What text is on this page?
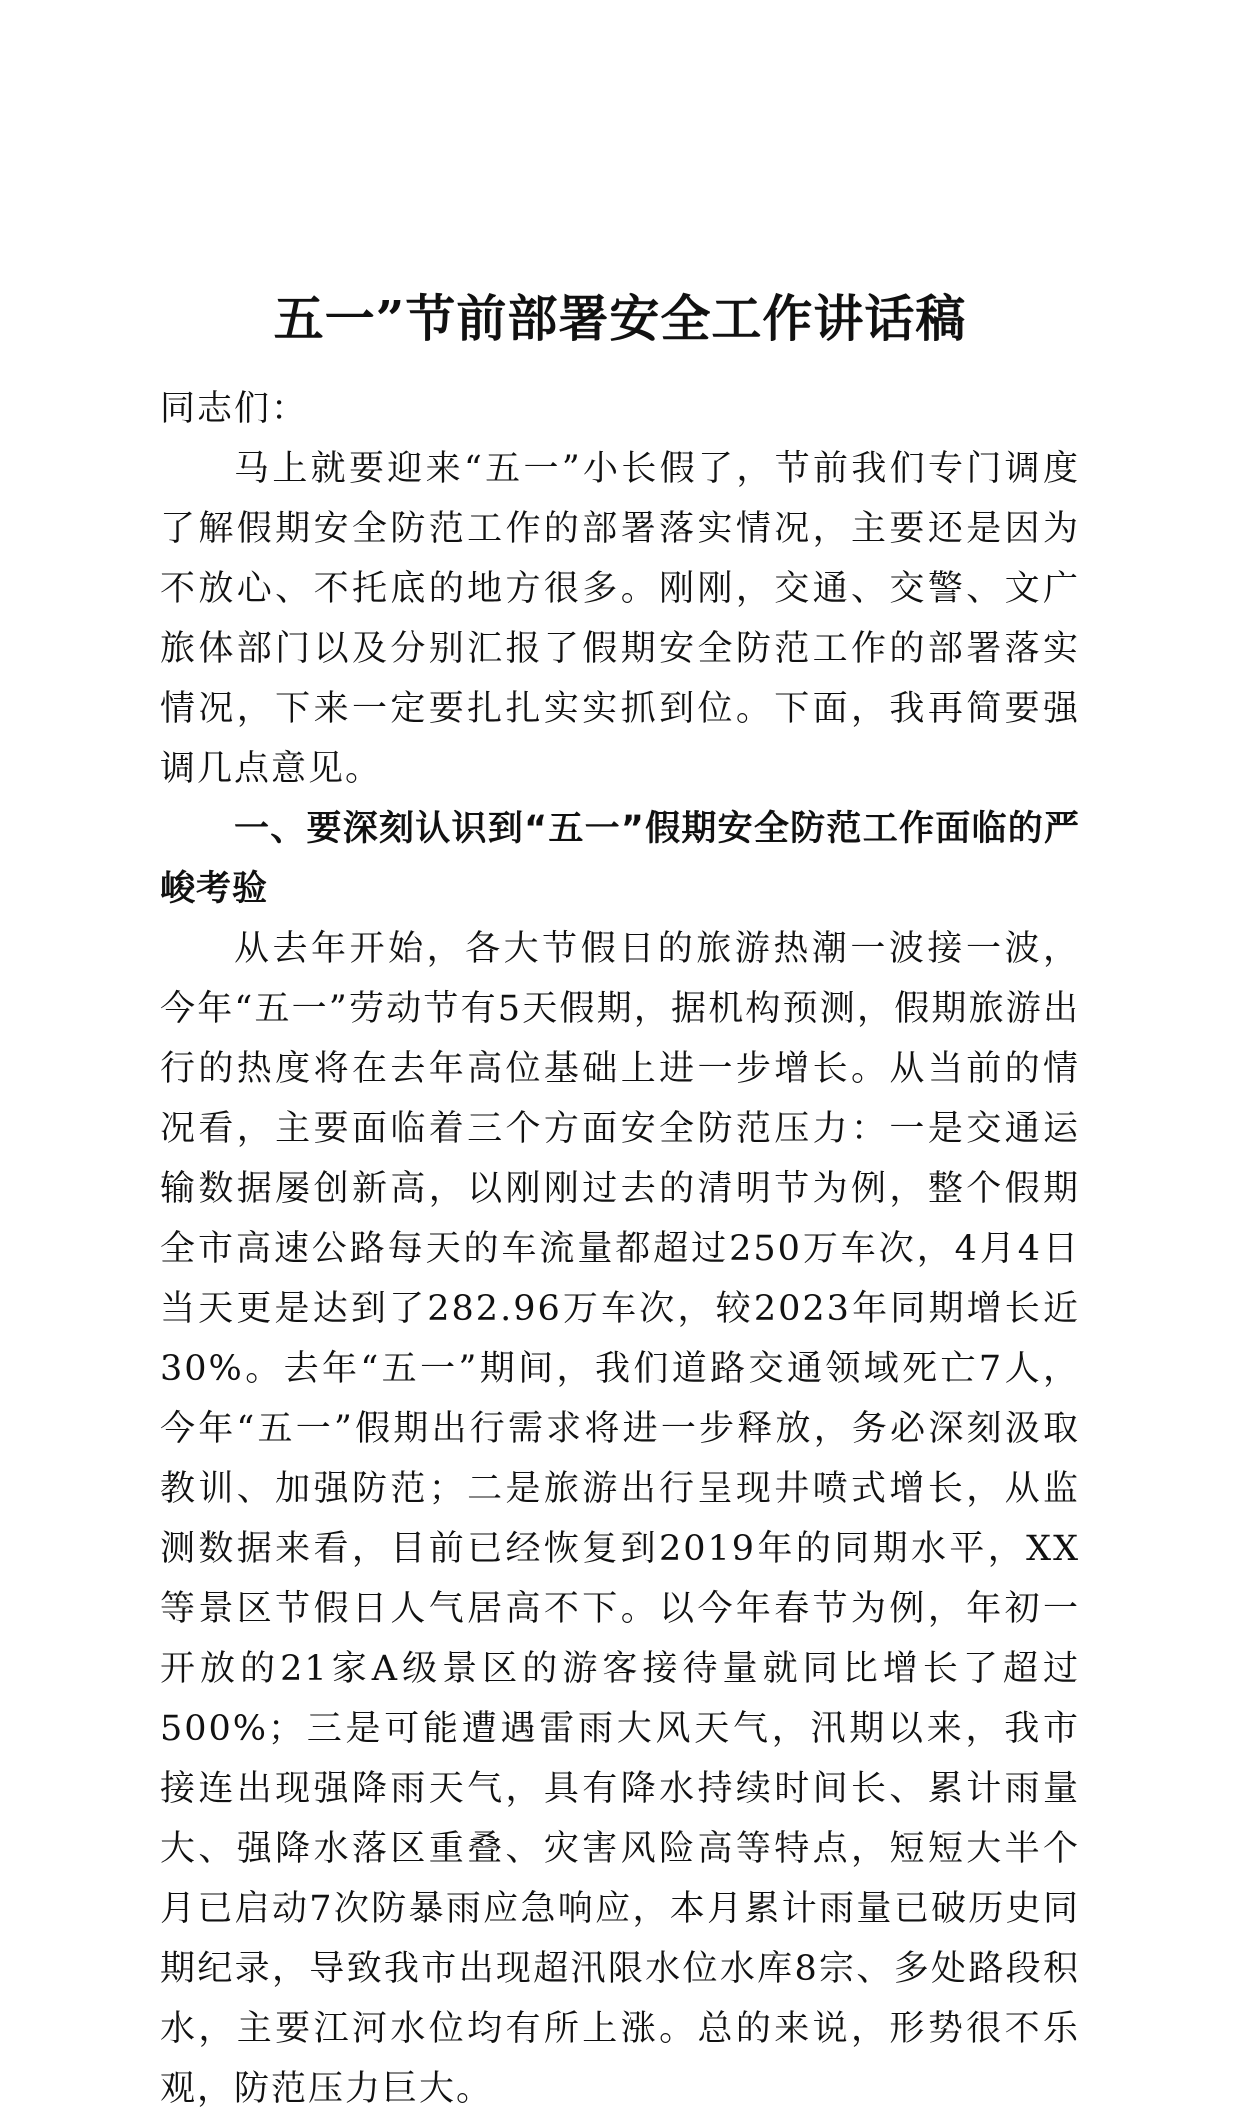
五一”节前部署安全工作讲话稿

同志们：

马上就要迎来“五一”小长假了，节前我们专门调度了解假期安全防范工作的部署落实情况，主要还是因为不放心、不托底的地方很多。刚刚，交通、交警、文广旅体部门以及分别汇报了假期安全防范工作的部署落实情况，下来一定要扎扎实实抓到位。下面，我再简要强调几点意见。

一、要深刻认识到“五一”假期安全防范工作面临的严峻考验

从去年开始，各大节假日的旅游热潮一波接一波，今年“五一”劳动节有5天假期，据机构预测，假期旅游出行的热度将在去年高位基础上进一步增长。从当前的情况看，主要面临着三个方面安全防范压力：一是交通运输数据屡创新高，以刚刚过去的清明节为例，整个假期全市高速公路每天的车流量都超过250万车次，4月4日当天更是达到了282.96万车次，较2023年同期增长近30%。去年“五一”期间，我们道路交通领域死亡7人，今年“五一”假期出行需求将进一步释放，务必深刻汲取教训、加强防范；二是旅游出行呈现井喷式增长，从监测数据来看，目前已经恢复到2019年的同期水平，XX等景区节假日人气居高不下。以今年春节为例，年初一开放的21家A级景区的游客接待量就同比增长了超过500%；三是可能遭遇雷雨大风天气，汛期以来，我市接连出现强降雨天气，具有降水持续时间长、累计雨量大、强降水落区重叠、灾害风险高等特点，短短大半个月已启动7次防暴雨应急响应，本月累计雨量已破历史同期纪录，导致我市出现超汛限水位水库8宗、多处路段积水，主要江河水位均有所上涨。总的来说，形势很不乐观，防范压力巨大。
